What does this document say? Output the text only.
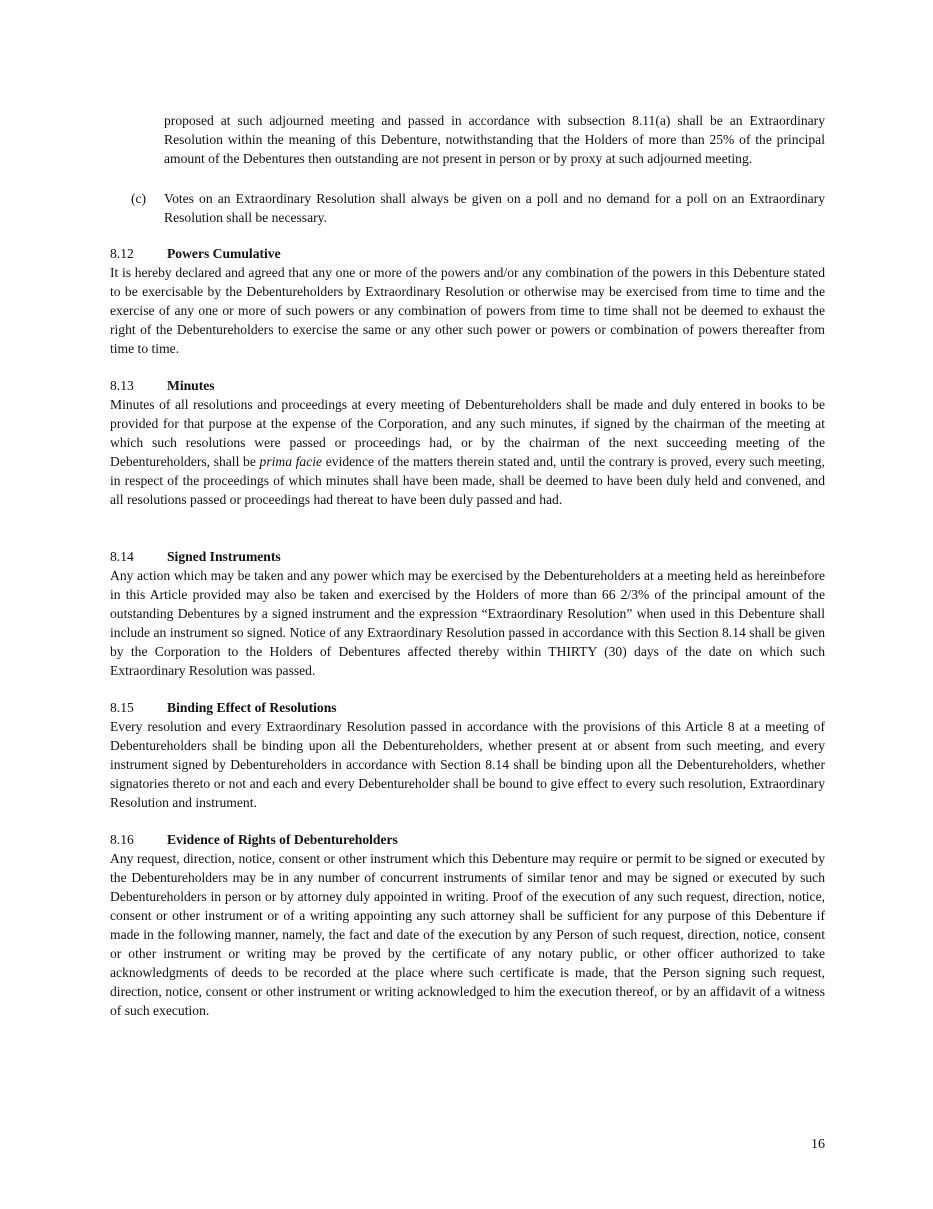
proposed at such adjourned meeting and passed in accordance with subsection 8.11(a) shall be an Extraordinary Resolution within the meaning of this Debenture, notwithstanding that the Holders of more than 25% of the principal amount of the Debentures then outstanding are not present in person or by proxy at such adjourned meeting.

(c)	Votes on an Extraordinary Resolution shall always be given on a poll and no demand for a poll on an Extraordinary Resolution shall be necessary.

8.12 Powers Cumulative

It is hereby declared and agreed that any one or more of the powers and/or any combination of the powers in this Debenture stated to be exercisable by the Debentureholders by Extraordinary Resolution or otherwise may be exercised from time to time and the exercise of any one or more of such powers or any combination of powers from time to time shall not be deemed to exhaust the right of the Debentureholders to exercise the same or any other such power or powers or combination of powers thereafter from time to time.

8.13 Minutes

Minutes of all resolutions and proceedings at every meeting of Debentureholders shall be made and duly entered in books to be provided for that purpose at the expense of the Corporation, and any such minutes, if signed by the chairman of the meeting at which such resolutions were passed or proceedings had, or by the chairman of the next succeeding meeting of the Debentureholders, shall be prima facie evidence of the matters therein stated and, until the contrary is proved, every such meeting, in respect of the proceedings of which minutes shall have been made, shall be deemed to have been duly held and convened, and all resolutions passed or proceedings had thereat to have been duly passed and had.

8.14 Signed Instruments

Any action which may be taken and any power which may be exercised by the Debentureholders at a meeting held as hereinbefore in this Article provided may also be taken and exercised by the Holders of more than 66 2/3% of the principal amount of the outstanding Debentures by a signed instrument and the expression “Extraordinary Resolution” when used in this Debenture shall include an instrument so signed. Notice of any Extraordinary Resolution passed in accordance with this Section 8.14 shall be given by the Corporation to the Holders of Debentures affected thereby within THIRTY (30) days of the date on which such Extraordinary Resolution was passed.

8.15 Binding Effect of Resolutions

Every resolution and every Extraordinary Resolution passed in accordance with the provisions of this Article 8 at a meeting of Debentureholders shall be binding upon all the Debentureholders, whether present at or absent from such meeting, and every instrument signed by Debentureholders in accordance with Section 8.14 shall be binding upon all the Debentureholders, whether signatories thereto or not and each and every Debentureholder shall be bound to give effect to every such resolution, Extraordinary Resolution and instrument.

8.16 Evidence of Rights of Debentureholders

Any request, direction, notice, consent or other instrument which this Debenture may require or permit to be signed or executed by the Debentureholders may be in any number of concurrent instruments of similar tenor and may be signed or executed by such Debentureholders in person or by attorney duly appointed in writing. Proof of the execution of any such request, direction, notice, consent or other instrument or of a writing appointing any such attorney shall be sufficient for any purpose of this Debenture if made in the following manner, namely, the fact and date of the execution by any Person of such request, direction, notice, consent or other instrument or writing may be proved by the certificate of any notary public, or other officer authorized to take acknowledgments of deeds to be recorded at the place where such certificate is made, that the Person signing such request, direction, notice, consent or other instrument or writing acknowledged to him the execution thereof, or by an affidavit of a witness of such execution.

16
